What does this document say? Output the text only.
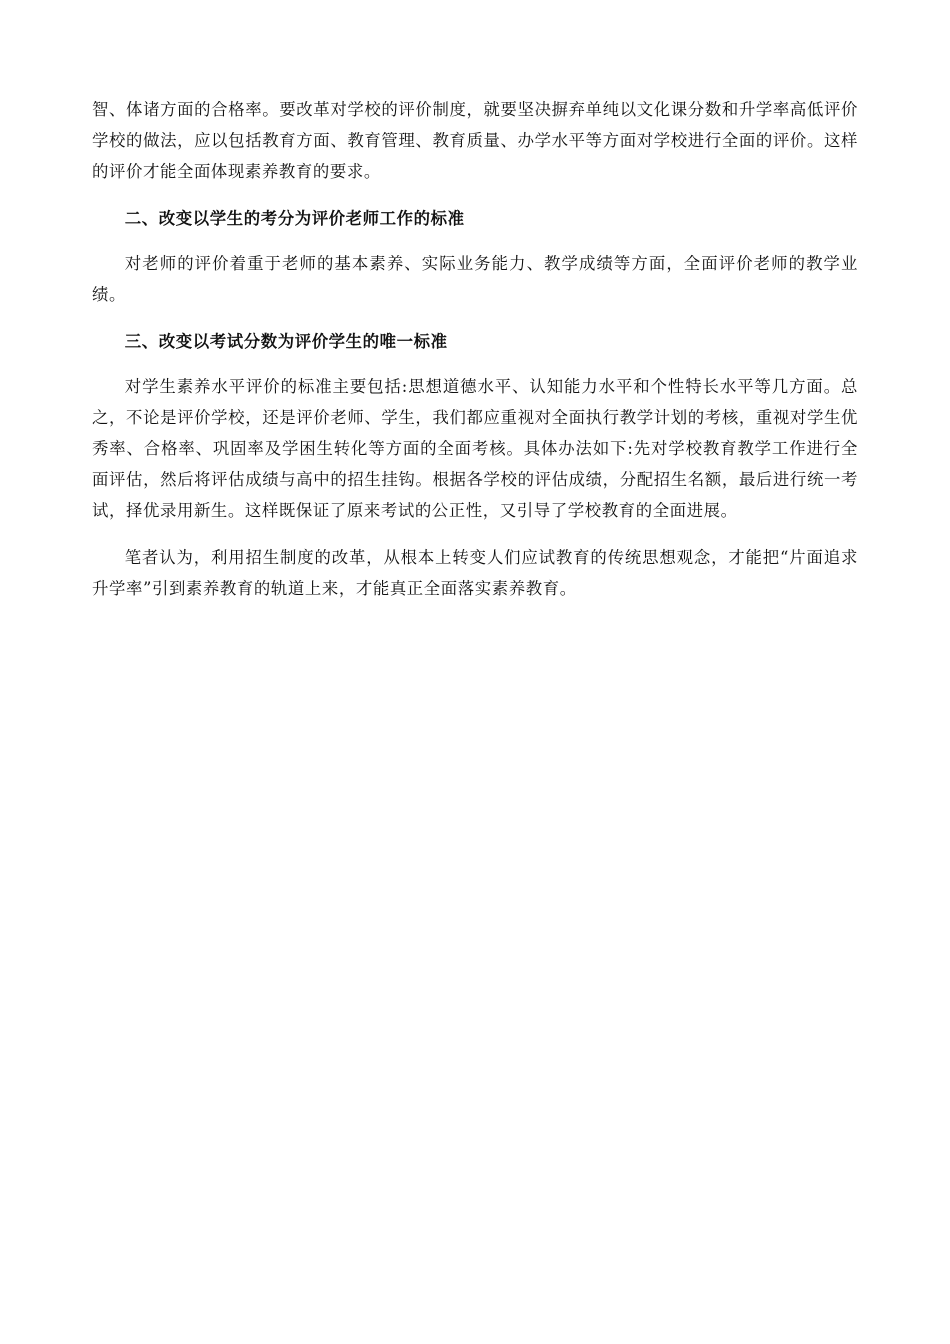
智、体诸方面的合格率。要改革对学校的评价制度，就要坚决摒弃单纯以文化课分数和升学率高低评价学校的做法，应以包括教育方面、教育管理、教育质量、办学水平等方面对学校进行全面的评价。这样的评价才能全面体现素养教育的要求。

二、改变以学生的考分为评价老师工作的标准

对老师的评价着重于老师的基本素养、实际业务能力、教学成绩等方面，全面评价老师的教学业绩。

三、改变以考试分数为评价学生的唯一标准

对学生素养水平评价的标准主要包括:思想道德水平、认知能力水平和个性特长水平等几方面。总之，不论是评价学校，还是评价老师、学生，我们都应重视对全面执行教学计划的考核，重视对学生优秀率、合格率、巩固率及学困生转化等方面的全面考核。具体办法如下:先对学校教育教学工作进行全面评估，然后将评估成绩与高中的招生挂钩。根据各学校的评估成绩，分配招生名额，最后进行统一考试，择优录用新生。这样既保证了原来考试的公正性，又引导了学校教育的全面进展。

笔者认为，利用招生制度的改革，从根本上转变人们应试教育的传统思想观念，才能把“片面追求升学率”引到素养教育的轨道上来，才能真正全面落实素养教育。
